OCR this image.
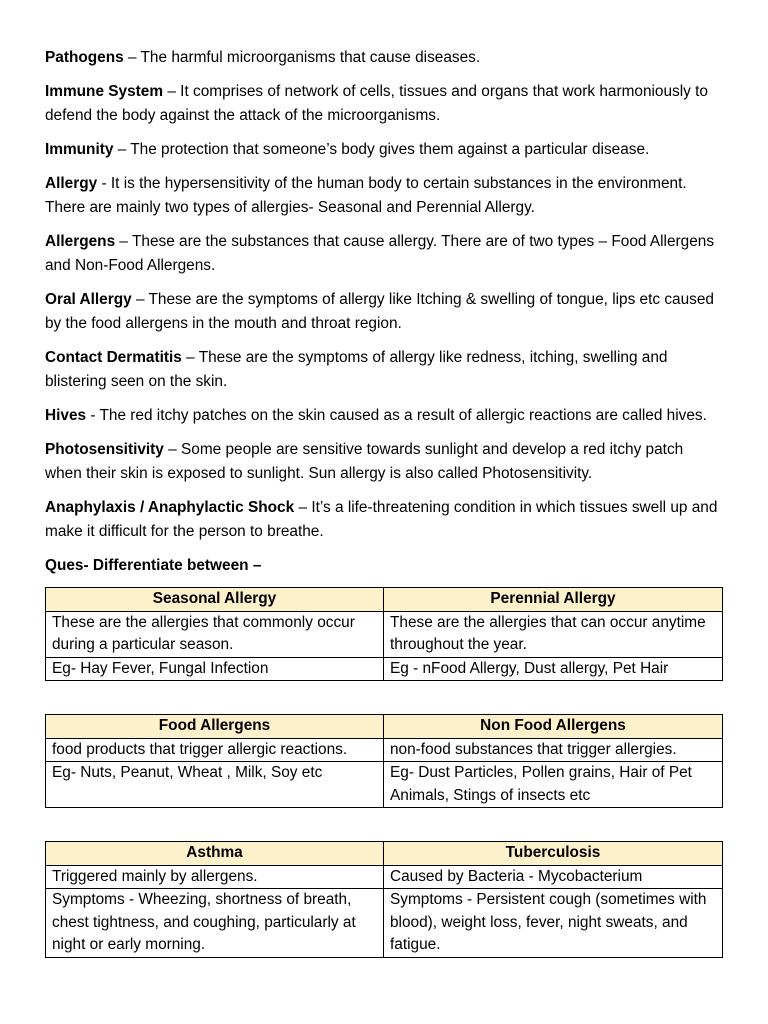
Pathogens – The harmful microorganisms that cause diseases.

Immune System – It comprises of network of cells, tissues and organs that work harmoniously to defend the body against the attack of the microorganisms.

Immunity – The protection that someone’s body gives them against a particular disease.

Allergy - It is the hypersensitivity of the human body to certain substances in the environment. There are mainly two types of allergies- Seasonal and Perennial Allergy.

Allergens – These are the substances that cause allergy. There are of two types – Food Allergens and Non-Food Allergens.

Oral Allergy – These are the symptoms of allergy like Itching & swelling of tongue, lips etc caused by the food allergens in the mouth and throat region.

Contact Dermatitis – These are the symptoms of allergy like redness, itching, swelling and blistering seen on the skin.

Hives - The red itchy patches on the skin caused as a result of allergic reactions are called hives.

Photosensitivity – Some people are sensitive towards sunlight and develop a red itchy patch when their skin is exposed to sunlight. Sun allergy is also called Photosensitivity.

Anaphylaxis / Anaphylactic Shock – It’s a life-threatening condition in which tissues swell up and make it difficult for the person to breathe.

Ques- Differentiate between –

Seasonal Allergy	Perennial Allergy
These are the allergies that commonly occur during a particular season.	These are the allergies that can occur anytime throughout the year.
Eg- Hay Fever, Fungal Infection	Eg - nFood Allergy, Dust allergy, Pet Hair
Food Allergens	Non Food Allergens
food products that trigger allergic reactions.	non-food substances that trigger allergies.
Eg- Nuts, Peanut, Wheat , Milk, Soy etc	Eg- Dust Particles, Pollen grains, Hair of Pet Animals, Stings of insects etc
Asthma	Tuberculosis
Triggered mainly by allergens.	Caused by Bacteria - Mycobacterium
Symptoms - Wheezing, shortness of breath, chest tightness, and coughing, particularly at night or early morning.	Symptoms - Persistent cough (sometimes with blood), weight loss, fever, night sweats, and fatigue.
